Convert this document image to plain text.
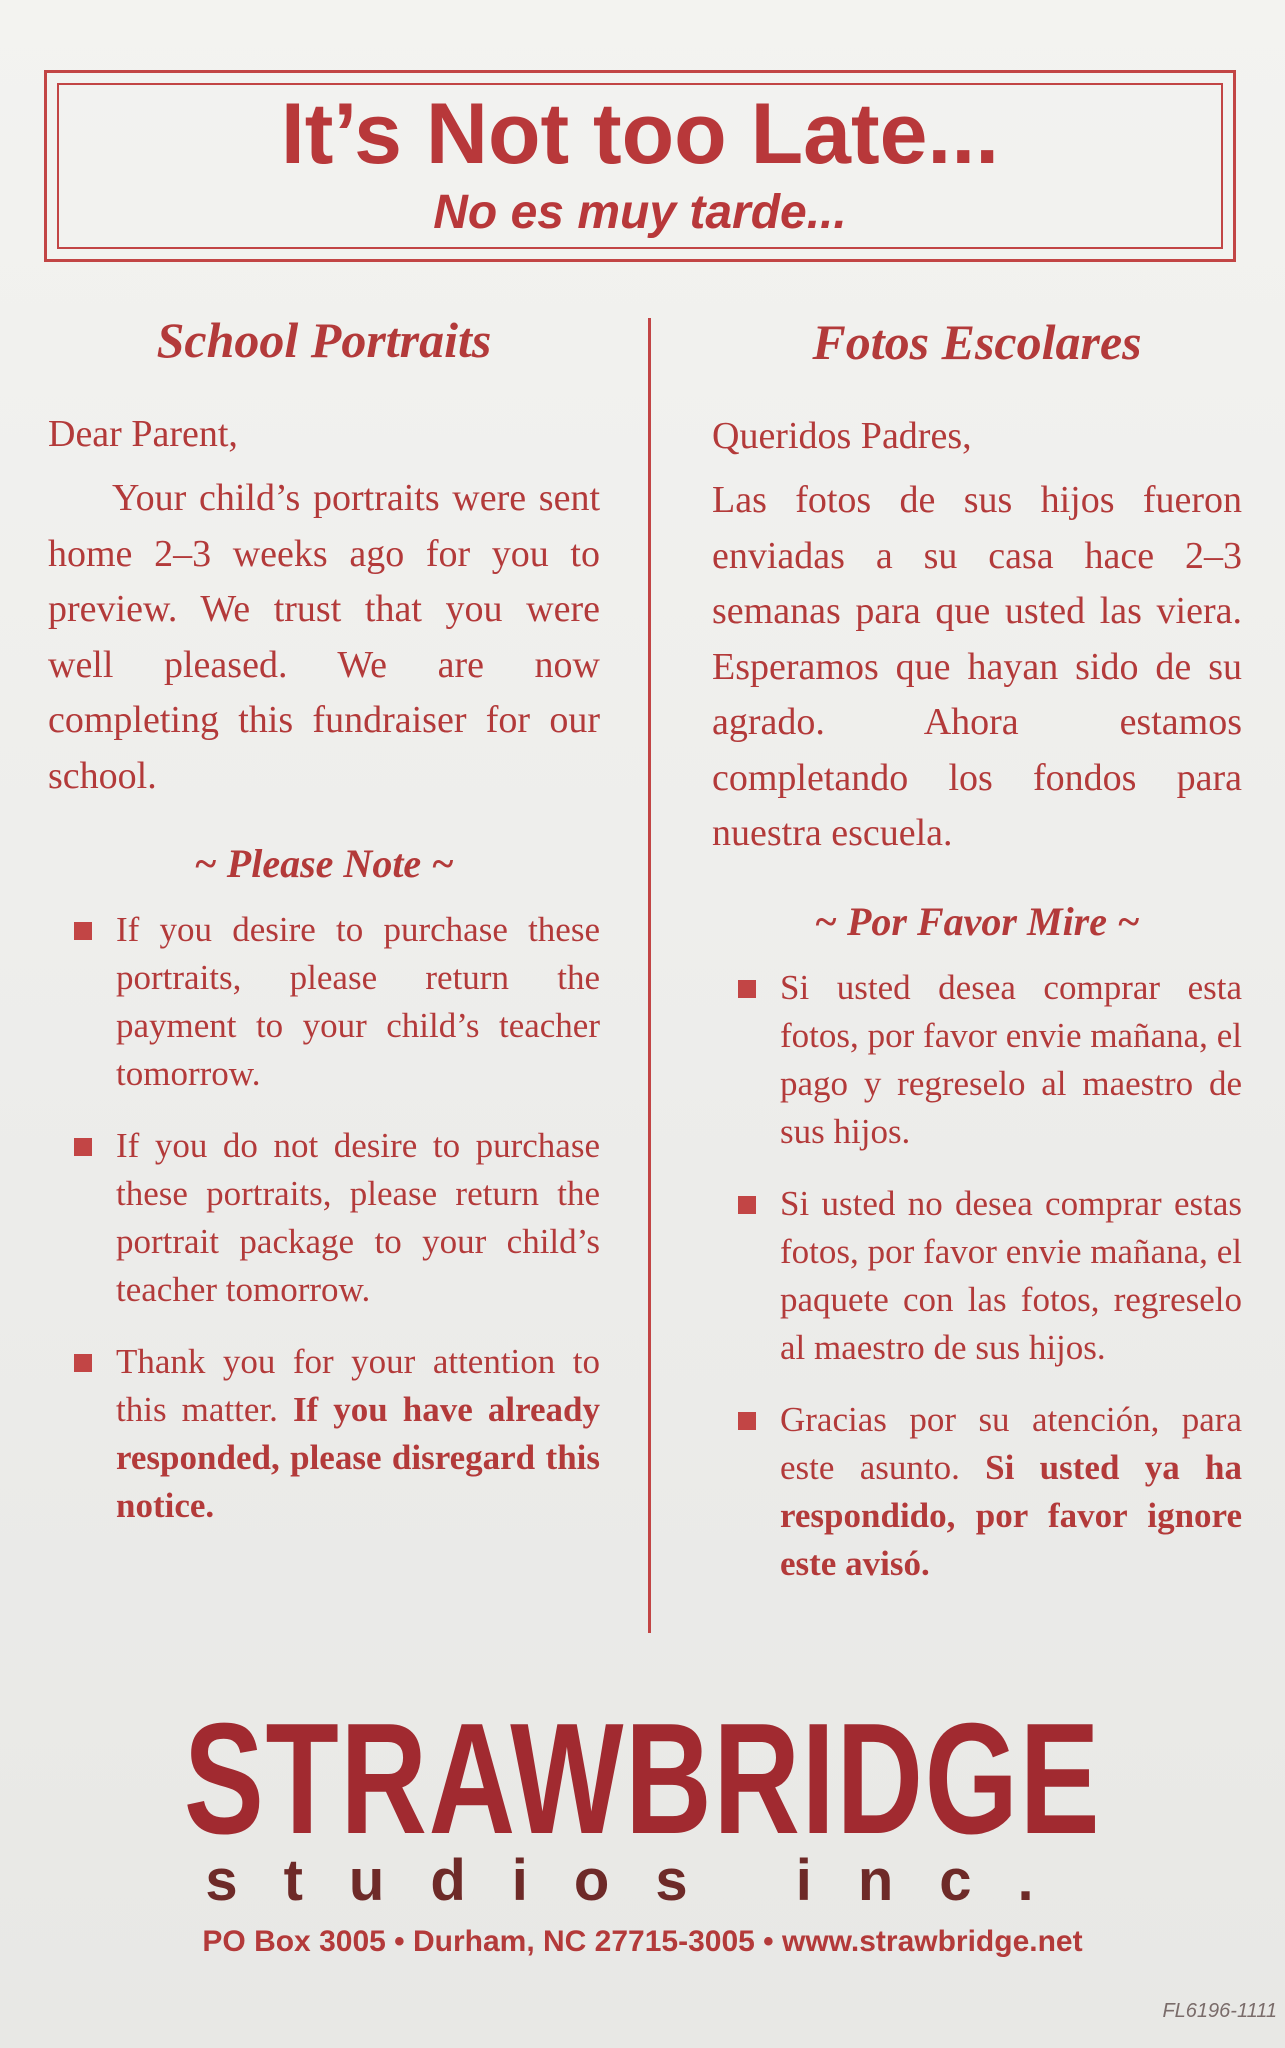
It’s Not too Late...
No es muy tarde...
School Portraits
Dear Parent,
Your child’s portraits were sent home 2–3 weeks ago for you to preview. We trust that you were well pleased. We are now completing this fundraiser for our school.
~ Please Note ~
If you desire to purchase these portraits, please return the payment to your child’s teacher tomorrow.
If you do not desire to purchase these portraits, please return the portrait package to your child’s teacher tomorrow.
Thank you for your attention to this matter. If you have already responded, please disregard this notice.
Fotos Escolares
Queridos Padres,
Las fotos de sus hijos fueron enviadas a su casa hace 2–3 semanas para que usted las viera. Esperamos que hayan sido de su agrado. Ahora estamos completando los fondos para nuestra escuela.
~ Por Favor Mire ~
Si usted desea comprar esta fotos, por favor envie mañana, el pago y regreselo al maestro de sus hijos.
Si usted no desea comprar estas fotos, por favor envie mañana, el paquete con las fotos, regreselo al maestro de sus hijos.
Gracias por su atención, para este asunto. Si usted ya ha respondido, por favor ignore este avisó.
STRAWBRIDGE
studios inc.
PO Box 3005 • Durham, NC 27715-3005 • www.strawbridge.net
FL6196-1111
